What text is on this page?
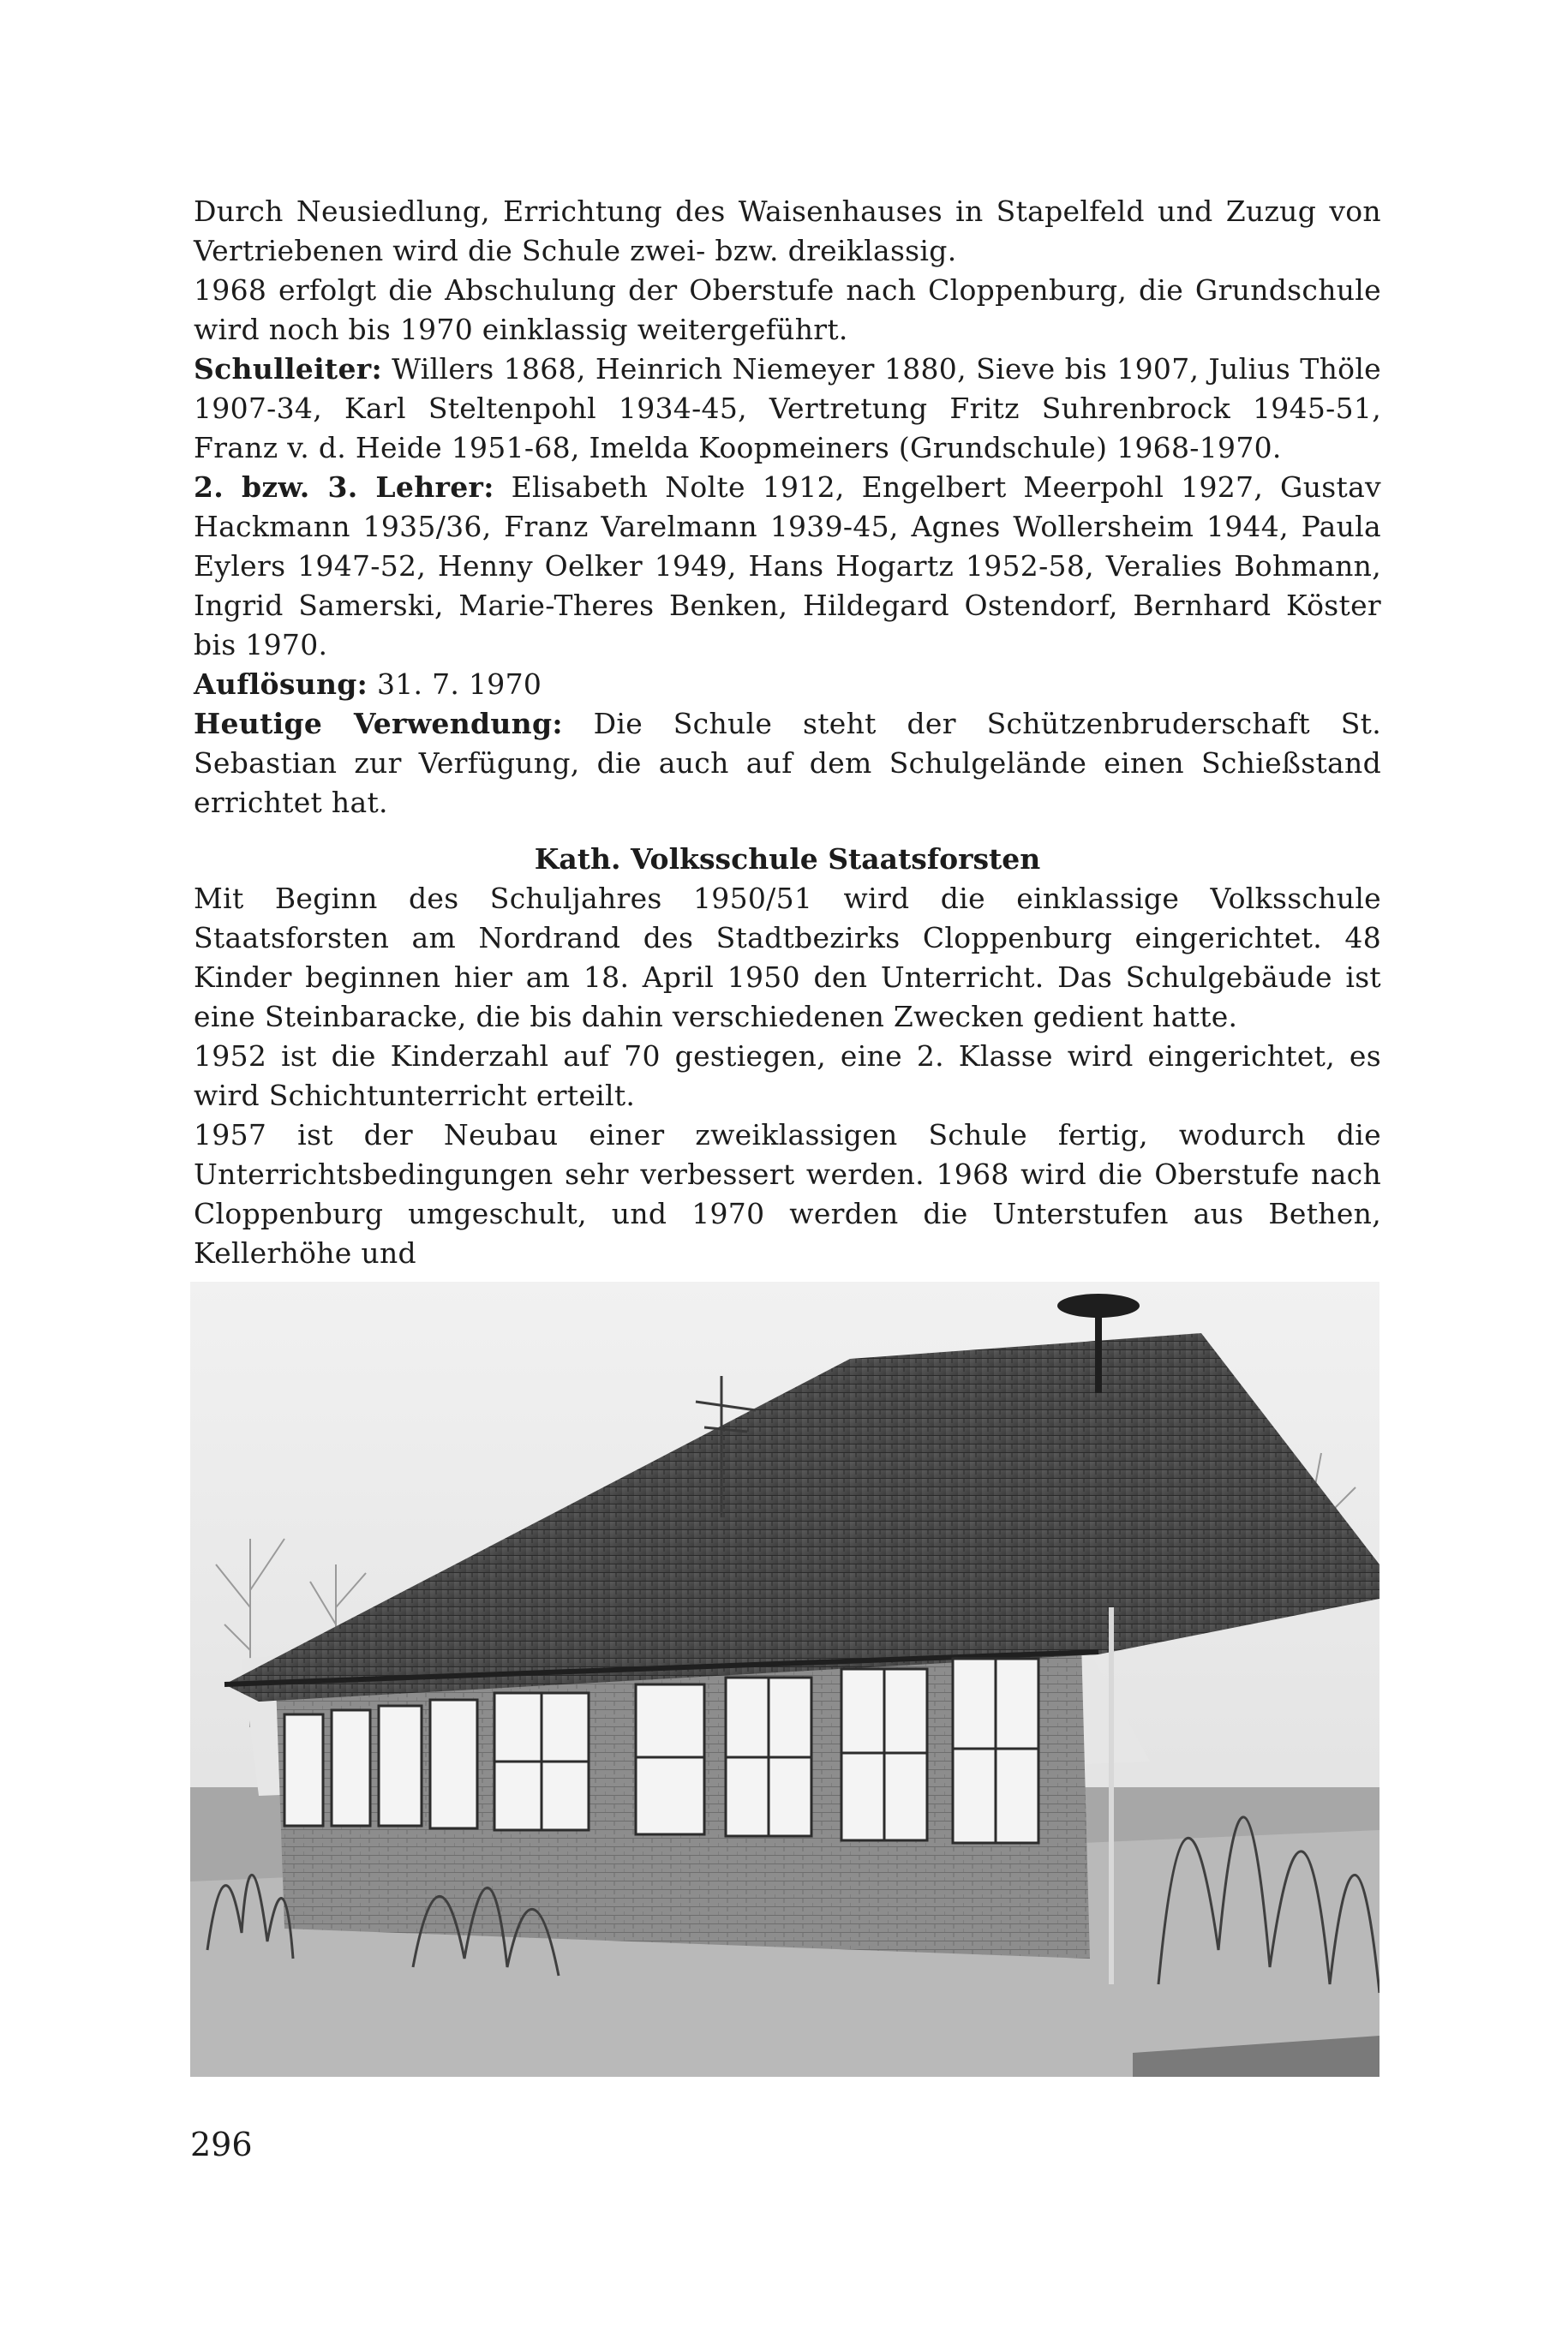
Durch Neusiedlung, Errichtung des Waisenhauses in Stapelfeld und Zuzug von Vertriebenen wird die Schule zwei- bzw. dreiklassig.

1968 erfolgt die Abschulung der Oberstufe nach Cloppenburg, die Grundschule wird noch bis 1970 einklassig weitergeführt.

Schulleiter: Willers 1868, Heinrich Niemeyer 1880, Sieve bis 1907, Julius Thöle 1907-34, Karl Steltenpohl 1934-45, Vertretung Fritz Suhrenbrock 1945-51, Franz v. d. Heide 1951-68, Imelda Koopmeiners (Grundschule) 1968-1970.

2. bzw. 3. Lehrer: Elisabeth Nolte 1912, Engelbert Meerpohl 1927, Gustav Hackmann 1935/36, Franz Varelmann 1939-45, Agnes Wollersheim 1944, Paula Eylers 1947-52, Henny Oelker 1949, Hans Hogartz 1952-58, Veralies Bohmann, Ingrid Samerski, Marie-Theres Benken, Hildegard Ostendorf, Bernhard Köster bis 1970.

Auflösung: 31. 7. 1970

Heutige Verwendung: Die Schule steht der Schützenbruderschaft St. Sebastian zur Verfügung, die auch auf dem Schulgelände einen Schießstand errichtet hat.

Kath. Volksschule Staatsforsten

Mit Beginn des Schuljahres 1950/51 wird die einklassige Volksschule Staatsforsten am Nordrand des Stadtbezirks Cloppenburg eingerichtet. 48 Kinder beginnen hier am 18. April 1950 den Unterricht. Das Schulgebäude ist eine Steinbaracke, die bis dahin verschiedenen Zwecken gedient hatte.

1952 ist die Kinderzahl auf 70 gestiegen, eine 2. Klasse wird eingerichtet, es wird Schichtunterricht erteilt.

1957 ist der Neubau einer zweiklassigen Schule fertig, wodurch die Unterrichtsbedingungen sehr verbessert werden. 1968 wird die Oberstufe nach Cloppenburg umgeschult, und 1970 werden die Unterstufen aus Bethen, Kellerhöhe und

296
